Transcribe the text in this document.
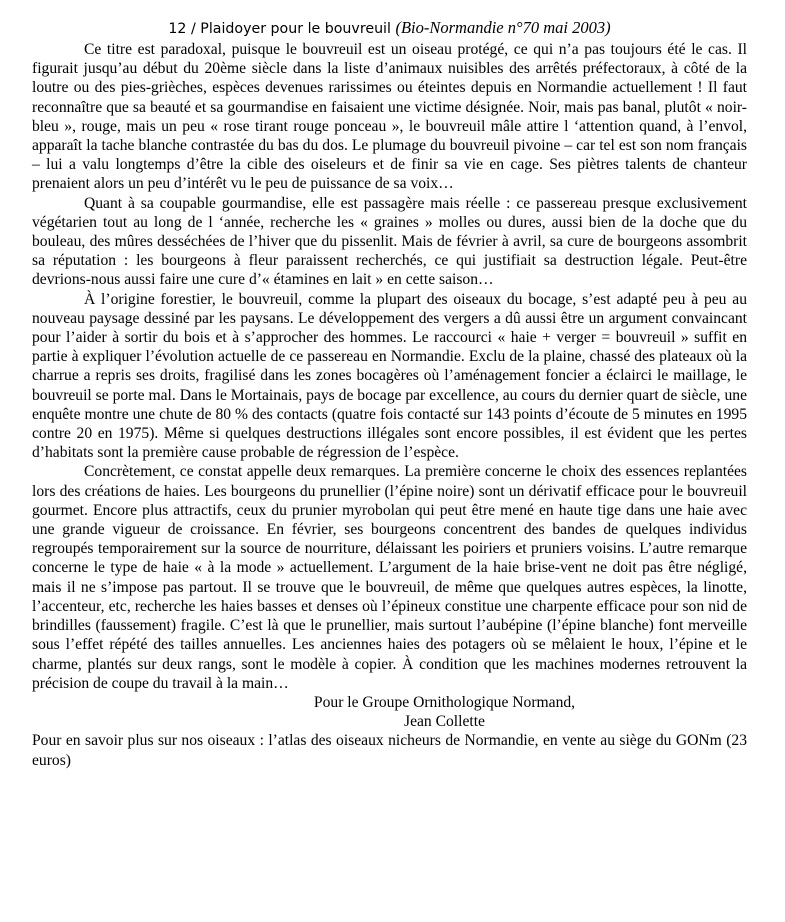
12 / Plaidoyer pour le bouvreuil (Bio-Normandie n°70 mai 2003)

Ce titre est paradoxal, puisque le bouvreuil est un oiseau protégé, ce qui n’a pas toujours été le cas. Il figurait jusqu’au début du 20ème siècle dans la liste d’animaux nuisibles des arrêtés préfectoraux, à côté de la loutre ou des pies-grièches, espèces devenues rarissimes ou éteintes depuis en Normandie actuellement ! Il faut reconnaître que sa beauté et sa gourmandise en faisaient une victime désignée. Noir, mais pas banal, plutôt « noir-bleu », rouge, mais un peu « rose tirant rouge ponceau », le bouvreuil mâle attire l ‘attention quand, à l’envol, apparaît la tache blanche contrastée du bas du dos. Le plumage du bouvreuil pivoine – car tel est son nom français – lui a valu longtemps d’être la cible des oiseleurs et de finir sa vie en cage. Ses piètres talents de chanteur prenaient alors un peu d’intérêt vu le peu de puissance de sa voix…

Quant à sa coupable gourmandise, elle est passagère mais réelle : ce passereau presque exclusivement végétarien tout au long de l ‘année, recherche les « graines » molles ou dures, aussi bien de la doche que du bouleau, des mûres desséchées de l’hiver que du pissenlit. Mais de février à avril, sa cure de bourgeons assombrit sa réputation : les bourgeons à fleur paraissent recherchés, ce qui justifiait sa destruction légale. Peut-être devrions-nous aussi faire une cure d’« étamines en lait » en cette saison…

À l’origine forestier, le bouvreuil, comme la plupart des oiseaux du bocage, s’est adapté peu à peu au nouveau paysage dessiné par les paysans. Le développement des vergers a dû aussi être un argument convaincant pour l’aider à sortir du bois et à s’approcher des hommes. Le raccourci « haie + verger = bouvreuil » suffit en partie à expliquer l’évolution actuelle de ce passereau en Normandie. Exclu de la plaine, chassé des plateaux où la charrue a repris ses droits, fragilisé dans les zones bocagères où l’aménagement foncier a éclairci le maillage, le bouvreuil se porte mal. Dans le Mortainais, pays de bocage par excellence, au cours du dernier quart de siècle, une enquête montre une chute de 80 % des contacts (quatre fois contacté sur 143 points d’écoute de 5 minutes en 1995 contre 20 en 1975). Même si quelques destructions illégales sont encore possibles, il est évident que les pertes d’habitats sont la première cause probable de régression de l’espèce.

Concrètement, ce constat appelle deux remarques. La première concerne le choix des essences replantées lors des créations de haies. Les bourgeons du prunellier (l’épine noire) sont un dérivatif efficace pour le bouvreuil gourmet. Encore plus attractifs, ceux du prunier myrobolan qui peut être mené en haute tige dans une haie avec une grande vigueur de croissance. En février, ses bourgeons concentrent des bandes de quelques individus regroupés temporairement sur la source de nourriture, délaissant les poiriers et pruniers voisins. L’autre remarque concerne le type de haie « à la mode » actuellement. L’argument de la haie brise-vent ne doit pas être négligé, mais il ne s’impose pas partout. Il se trouve que le bouvreuil, de même que quelques autres espèces, la linotte, l’accenteur, etc, recherche les haies basses et denses où l’épineux constitue une charpente efficace pour son nid de brindilles (faussement) fragile. C’est là que le prunellier, mais surtout l’aubépine (l’épine blanche) font merveille sous l’effet répété des tailles annuelles. Les anciennes haies des potagers où se mêlaient le houx, l’épine et le charme, plantés sur deux rangs, sont le modèle à copier. À condition que les machines modernes retrouvent la précision de coupe du travail à la main…

Pour le Groupe Ornithologique Normand,
Jean Collette

Pour en savoir plus sur nos oiseaux : l’atlas des oiseaux nicheurs de Normandie, en vente au siège du GONm (23 euros)
